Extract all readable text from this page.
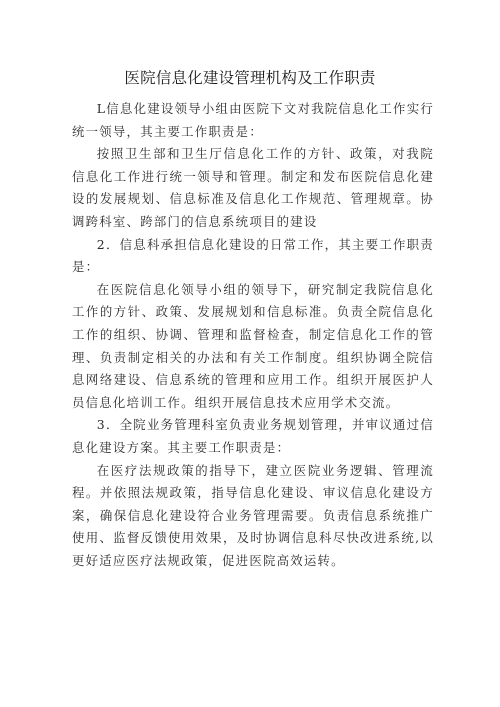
医院信息化建设管理机构及工作职责

L信息化建设领导小组由医院下文对我院信息化工作实行统一领导，其主要工作职责是：

按照卫生部和卫生厅信息化工作的方针、政策，对我院信息化工作进行统一领导和管理。制定和发布医院信息化建设的发展规划、信息标准及信息化工作规范、管理规章。协调跨科室、跨部门的信息系统项目的建设

2．信息科承担信息化建设的日常工作，其主要工作职责是：

在医院信息化领导小组的领导下，研究制定我院信息化工作的方针、政策、发展规划和信息标准。负责全院信息化工作的组织、协调、管理和监督检查，制定信息化工作的管理、负责制定相关的办法和有关工作制度。组织协调全院信息网络建设、信息系统的管理和应用工作。组织开展医护人员信息化培训工作。组织开展信息技术应用学术交流。

3．全院业务管理科室负责业务规划管理，并审议通过信息化建设方案。其主要工作职责是：

在医疗法规政策的指导下，建立医院业务逻辑、管理流程。并依照法规政策，指导信息化建设、审议信息化建设方案，确保信息化建设符合业务管理需要。负责信息系统推广使用、监督反馈使用效果，及时协调信息科尽快改进系统,以更好适应医疗法规政策，促进医院高效运转。
